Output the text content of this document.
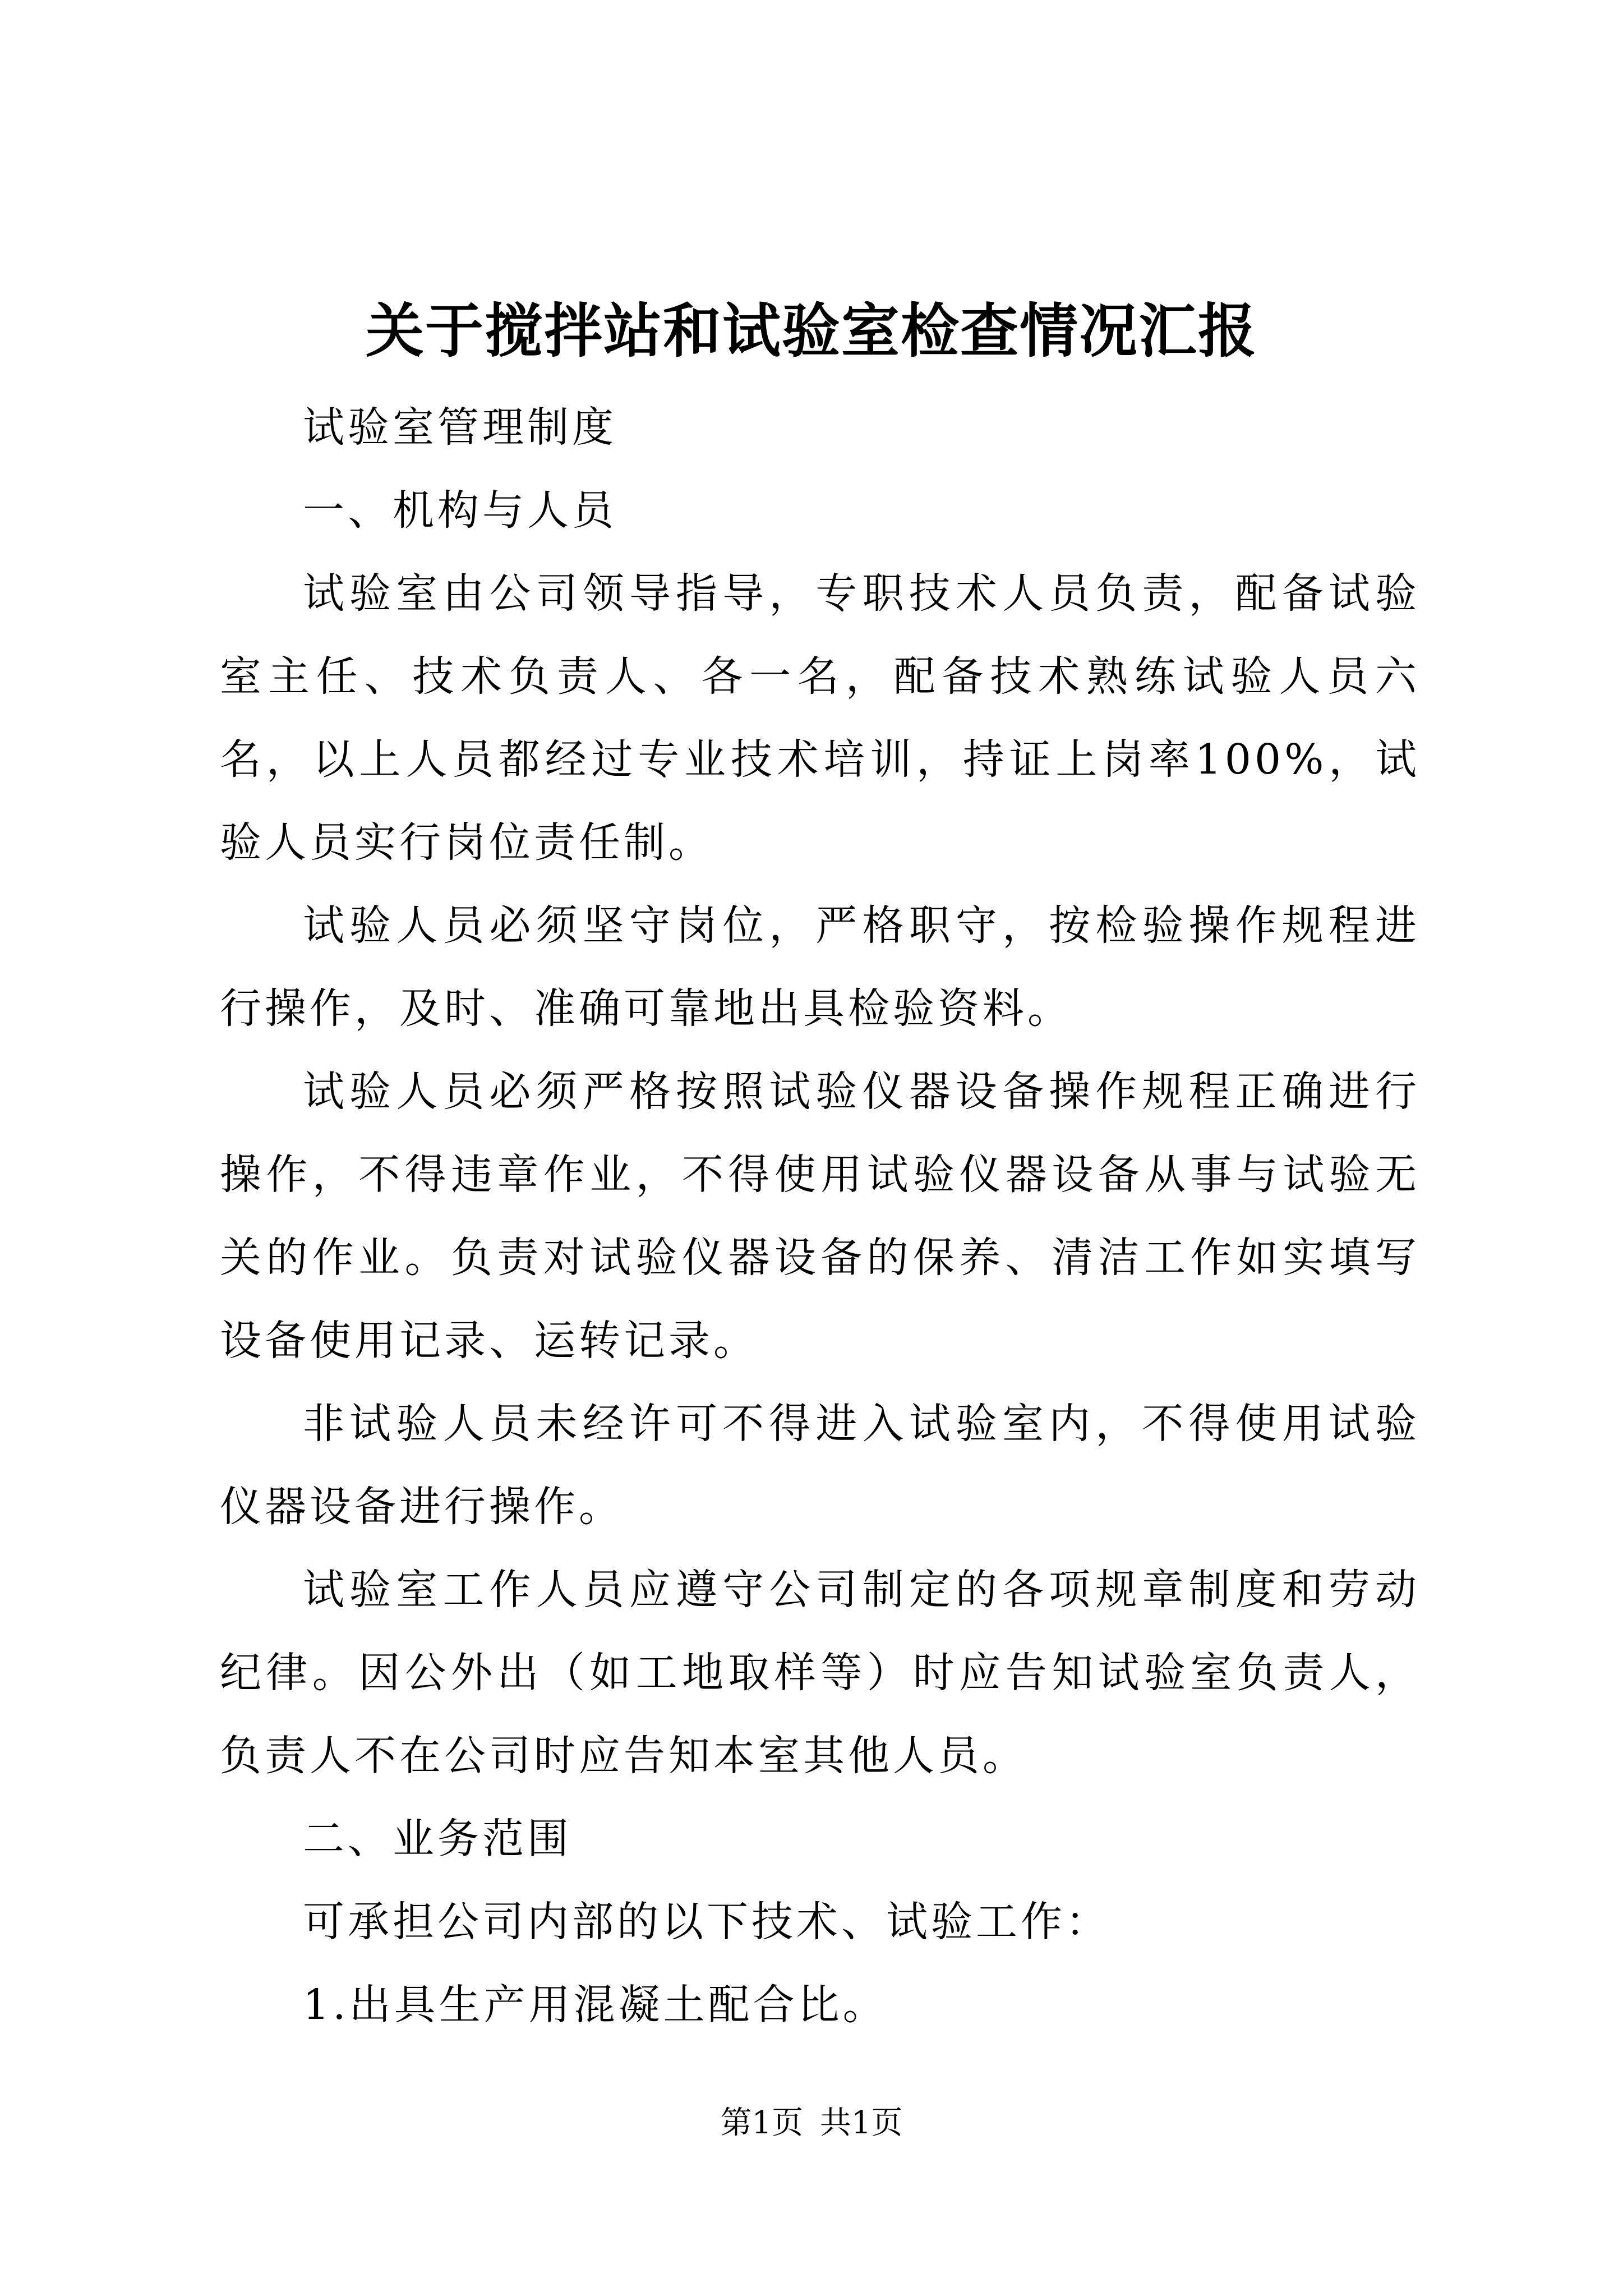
关于搅拌站和试验室检查情况汇报

试验室管理制度

一、机构与人员

试验室由公司领导指导，专职技术人员负责，配备试验室主任、技术负责人、各一名，配备技术熟练试验人员六名，以上人员都经过专业技术培训，持证上岗率100%，试验人员实行岗位责任制。

试验人员必须坚守岗位，严格职守，按检验操作规程进行操作，及时、准确可靠地出具检验资料。

试验人员必须严格按照试验仪器设备操作规程正确进行操作，不得违章作业，不得使用试验仪器设备从事与试验无关的作业。负责对试验仪器设备的保养、清洁工作如实填写设备使用记录、运转记录。

非试验人员未经许可不得进入试验室内，不得使用试验仪器设备进行操作。

试验室工作人员应遵守公司制定的各项规章制度和劳动纪律。因公外出（如工地取样等）时应告知试验室负责人，负责人不在公司时应告知本室其他人员。

二、业务范围

可承担公司内部的以下技术、试验工作：

1.出具生产用混凝土配合比。

第1页 共1页
